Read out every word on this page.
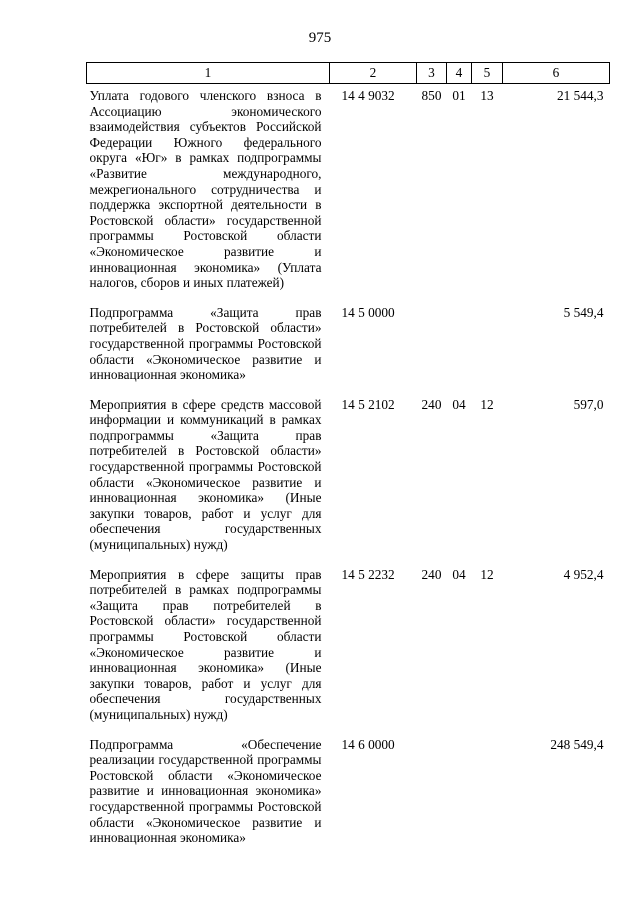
975
1	2	3	4	5	6
Уплата годового членского взноса в Ассоциацию экономического взаимодействия субъектов Российской Федерации Южного федерального округа «Юг» в рамках подпрограммы «Развитие международного, межрегионального сотрудничества и поддержка экспортной деятельности в Ростовской области» государственной программы Ростовской области «Экономическое развитие и инновационная экономика» (Уплата налогов, сборов и иных платежей)	14 4 9032	850	01	13	21 544,3
Подпрограмма «Защита прав потребителей в Ростовской области» государственной программы Ростовской области «Экономическое развитие и инновационная экономика»	14 5 0000				5 549,4
Мероприятия в сфере средств массовой информации и коммуникаций в рамках подпрограммы «Защита прав потребителей в Ростовской области» государственной программы Ростовской области «Экономическое развитие и инновационная экономика» (Иные закупки товаров, работ и услуг для обеспечения государственных (муниципальных) нужд)	14 5 2102	240	04	12	597,0
Мероприятия в сфере защиты прав потребителей в рамках подпрограммы «Защита прав потребителей в Ростовской области» государственной программы Ростовской области «Экономическое развитие и инновационная экономика» (Иные закупки товаров, работ и услуг для обеспечения государственных (муниципальных) нужд)	14 5 2232	240	04	12	4 952,4
Подпрограмма «Обеспечение реализации государственной программы Ростовской области «Экономическое развитие и инновационная экономика» государственной программы Ростовской области «Экономическое развитие и инновационная экономика»	14 6 0000				248 549,4
